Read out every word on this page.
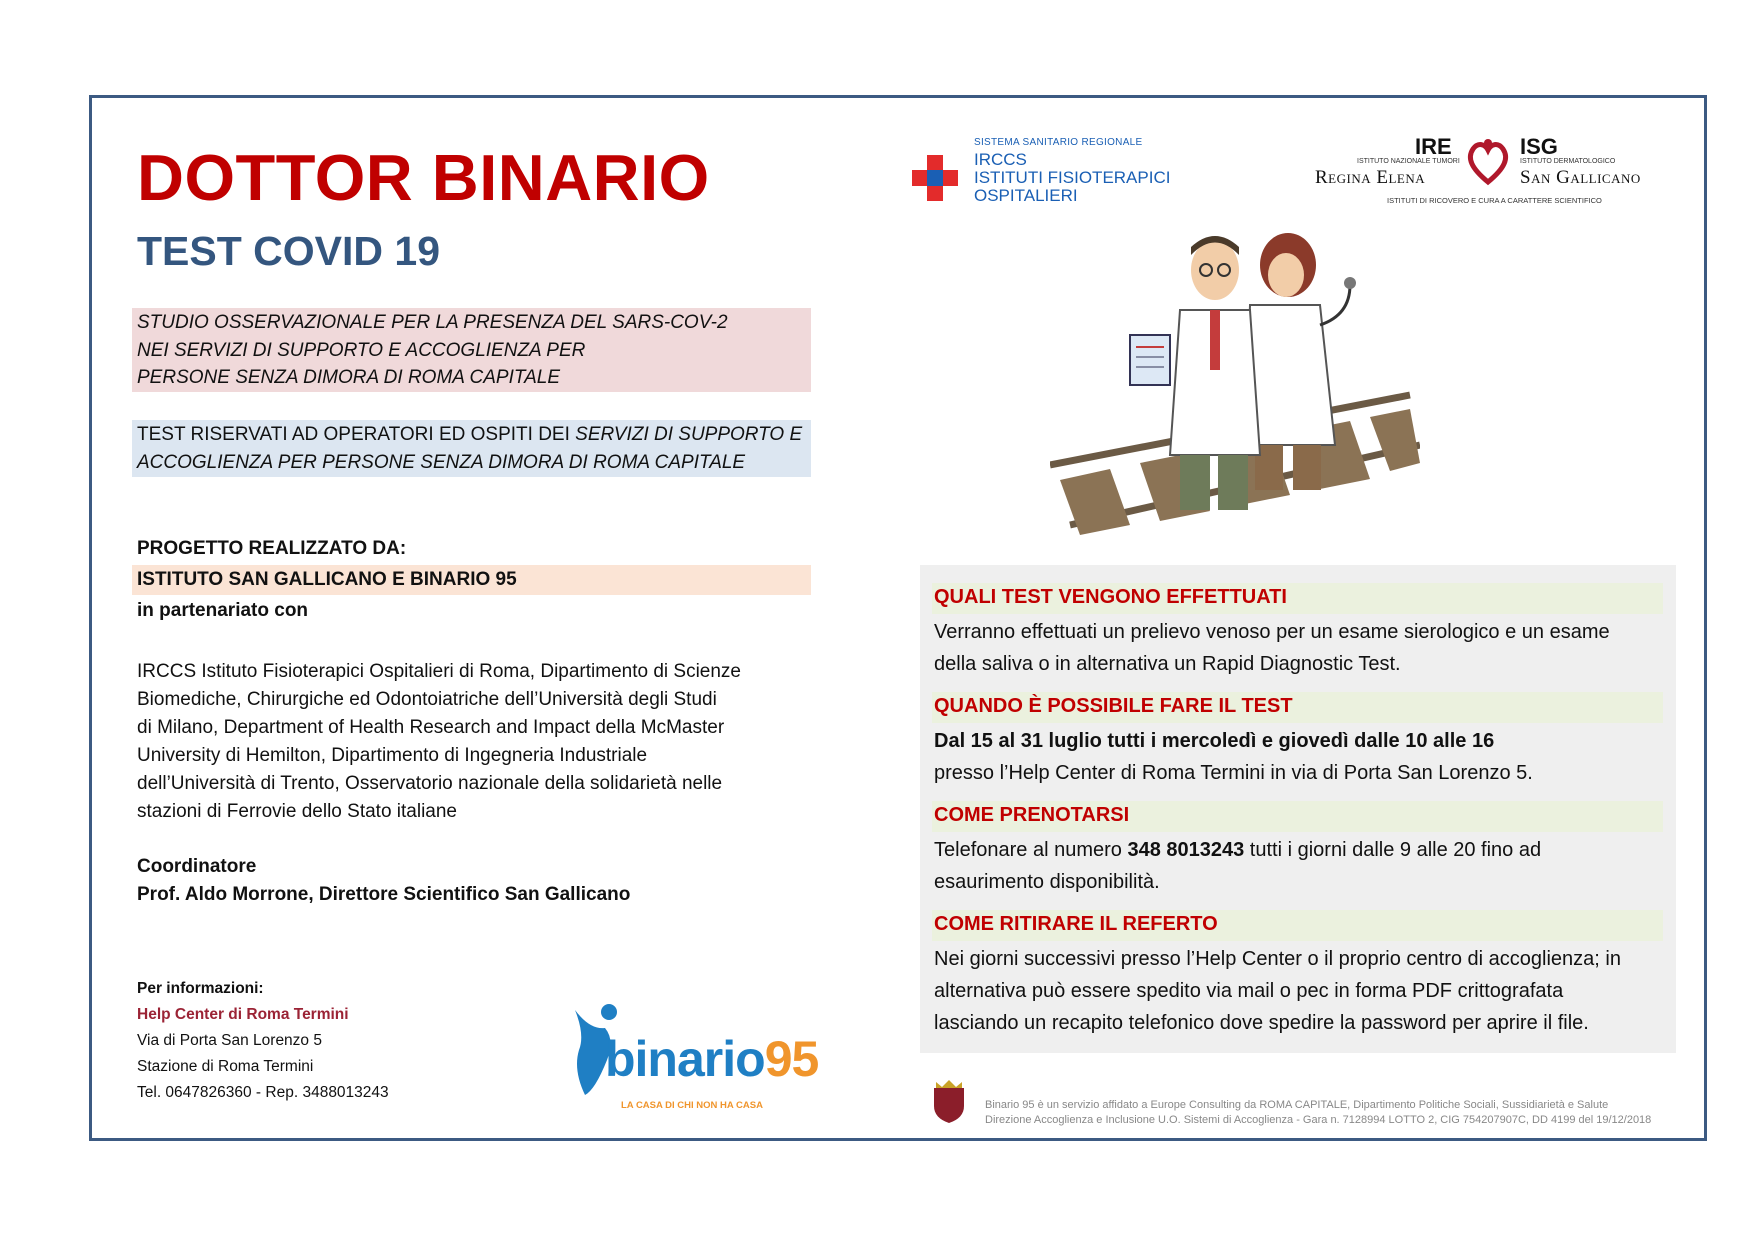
DOTTOR BINARIO
TEST COVID 19
STUDIO OSSERVAZIONALE PER LA PRESENZA DEL SARS-COV-2
NEI SERVIZI DI SUPPORTO E ACCOGLIENZA PER
PERSONE SENZA DIMORA DI ROMA CAPITALE
TEST RISERVATI AD OPERATORI ED OSPITI DEI SERVIZI DI SUPPORTO E
ACCOGLIENZA PER PERSONE SENZA DIMORA DI ROMA CAPITALE
PROGETTO REALIZZATO DA:
ISTITUTO SAN GALLICANO E BINARIO 95
in partenariato con
IRCCS Istituto Fisioterapici Ospitalieri di Roma, Dipartimento di Scienze
Biomediche, Chirurgiche ed Odontoiatriche dell’Università degli Studi
di Milano, Department of Health Research and Impact della McMaster
University di Hemilton, Dipartimento di Ingegneria Industriale
dell’Università di Trento, Osservatorio nazionale della solidarietà nelle
stazioni di Ferrovie dello Stato italiane
Coordinatore
Prof. Aldo Morrone, Direttore Scientifico San Gallicano
Per informazioni:
Help Center di Roma Termini
Via di Porta San Lorenzo 5
Stazione di Roma Termini
Tel. 0647826360 - Rep. 3488013243
binario95
LA CASA DI CHI NON HA CASA
SISTEMA SANITARIO REGIONALE
IRCCS
ISTITUTI FISIOTERAPICI
OSPITALIERI
IRE
ISTITUTO NAZIONALE TUMORI
Regina Elena
ISG
ISTITUTO DERMATOLOGICO
San Gallicano
ISTITUTI DI RICOVERO E CURA A CARATTERE SCIENTIFICO
QUALI TEST VENGONO EFFETTUATI
Verranno effettuati un prelievo venoso per un esame sierologico e un esame
della saliva o in alternativa un Rapid Diagnostic Test.
QUANDO È POSSIBILE FARE IL TEST
Dal 15 al 31 luglio tutti i mercoledì e giovedì dalle 10 alle 16
presso l’Help Center di Roma Termini in via di Porta San Lorenzo 5.
COME PRENOTARSI
Telefonare al numero 348 8013243 tutti i giorni dalle 9 alle 20 fino ad
esaurimento disponibilità.
COME RITIRARE IL REFERTO
Nei giorni successivi presso l’Help Center o il proprio centro di accoglienza; in
alternativa può essere spedito via mail o pec in forma PDF crittografata
lasciando un recapito telefonico dove spedire la password per aprire il file.
Binario 95 è un servizio affidato a Europe Consulting da ROMA CAPITALE, Dipartimento Politiche Sociali, Sussidiarietà e Salute
Direzione Accoglienza e Inclusione U.O. Sistemi di Accoglienza - Gara n. 7128994 LOTTO 2, CIG 754207907C, DD 4199 del 19/12/2018
